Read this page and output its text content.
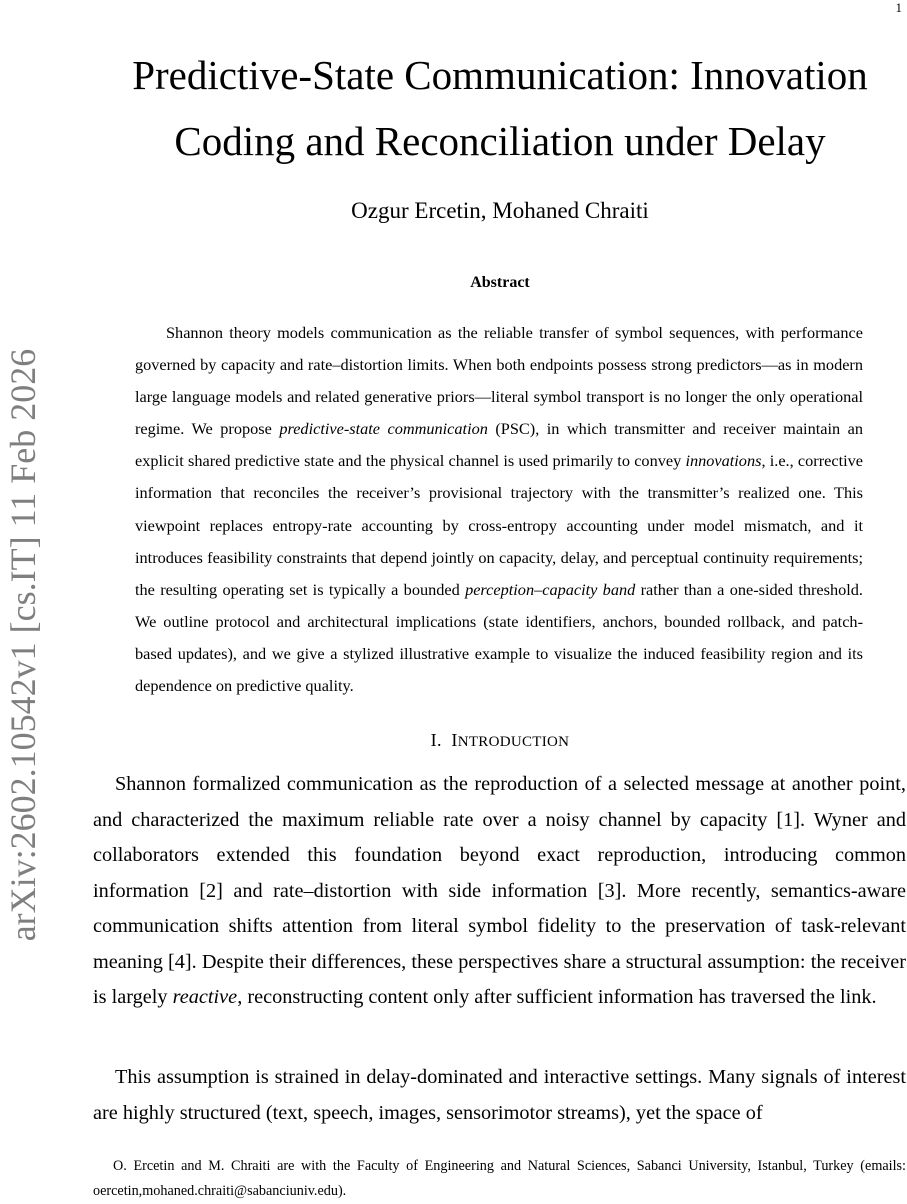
1
arXiv:2602.10542v1 [cs.IT] 11 Feb 2026
Predictive-State Communication: Innovation Coding and Reconciliation under Delay
Ozgur Ercetin, Mohaned Chraiti
Abstract

Shannon theory models communication as the reliable transfer of symbol sequences, with performance governed by capacity and rate–distortion limits. When both endpoints possess strong predictors—as in modern large language models and related generative priors—literal symbol transport is no longer the only operational regime. We propose predictive-state communication (PSC), in which transmitter and receiver maintain an explicit shared predictive state and the physical channel is used primarily to convey innovations, i.e., corrective information that reconciles the receiver’s provisional trajectory with the transmitter’s realized one. This viewpoint replaces entropy-rate accounting by cross-entropy accounting under model mismatch, and it introduces feasibility constraints that depend jointly on capacity, delay, and perceptual continuity requirements; the resulting operating set is typically a bounded perception–capacity band rather than a one-sided threshold. We outline protocol and architectural implications (state identifiers, anchors, bounded rollback, and patch-based updates), and we give a stylized illustrative example to visualize the induced feasibility region and its dependence on predictive quality.

I. INTRODUCTION

Shannon formalized communication as the reproduction of a selected message at another point, and characterized the maximum reliable rate over a noisy channel by capacity [1]. Wyner and collaborators extended this foundation beyond exact reproduction, introducing common information [2] and rate–distortion with side information [3]. More recently, semantics-aware communication shifts attention from literal symbol fidelity to the preservation of task-relevant meaning [4]. Despite their differences, these perspectives share a structural assumption: the receiver is largely reactive, reconstructing content only after sufficient information has traversed the link.

This assumption is strained in delay-dominated and interactive settings. Many signals of interest are highly structured (text, speech, images, sensorimotor streams), yet the space of

O. Ercetin and M. Chraiti are with the Faculty of Engineering and Natural Sciences, Sabanci University, Istanbul, Turkey (emails: oercetin,mohaned.chraiti@sabanciuniv.edu).
